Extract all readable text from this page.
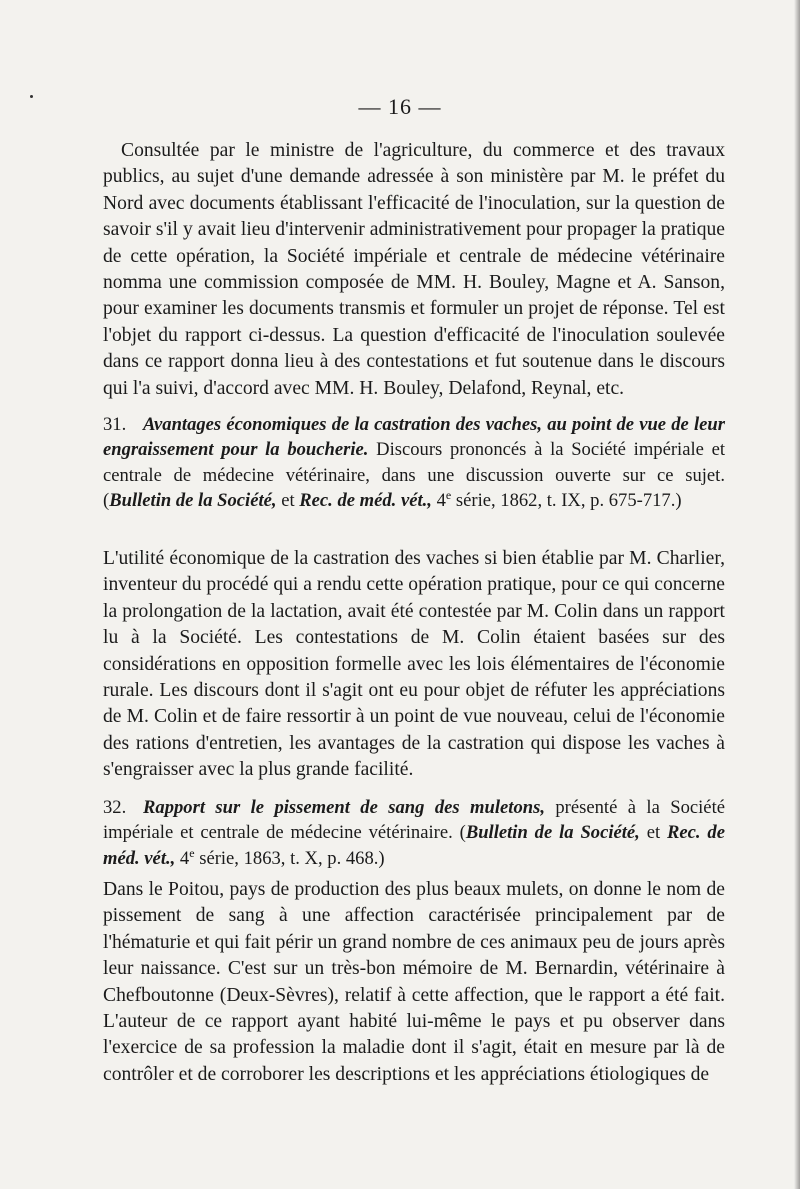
— 16 —
Consultée par le ministre de l'agriculture, du commerce et des travaux publics, au sujet d'une demande adressée à son ministère par M. le préfet du Nord avec documents établissant l'efficacité de l'inoculation, sur la question de savoir s'il y avait lieu d'intervenir administrativement pour propager la pratique de cette opération, la Société impériale et centrale de médecine vétérinaire nomma une commission composée de MM. H. Bouley, Magne et A. Sanson, pour examiner les documents transmis et formuler un projet de réponse. Tel est l'objet du rapport ci-dessus. La question d'efficacité de l'inoculation soulevée dans ce rapport donna lieu à des contestations et fut soutenue dans le discours qui l'a suivi, d'accord avec MM. H. Bouley, Delafond, Reynal, etc.
31. Avantages économiques de la castration des vaches, au point de vue de leur engraissement pour la boucherie. Discours prononcés à la Société impériale et centrale de médecine vétérinaire, dans une discussion ouverte sur ce sujet. (Bulletin de la Société, et Rec. de méd. vét., 4e série, 1862, t. IX, p. 675-717.)
L'utilité économique de la castration des vaches si bien établie par M. Charlier, inventeur du procédé qui a rendu cette opération pratique, pour ce qui concerne la prolongation de la lactation, avait été contestée par M. Colin dans un rapport lu à la Société. Les contestations de M. Colin étaient basées sur des considérations en opposition formelle avec les lois élémentaires de l'économie rurale. Les discours dont il s'agit ont eu pour objet de réfuter les appréciations de M. Colin et de faire ressortir à un point de vue nouveau, celui de l'économie des rations d'entretien, les avantages de la castration qui dispose les vaches à s'engraisser avec la plus grande facilité.
32. Rapport sur le pissement de sang des muletons, présenté à la Société impériale et centrale de médecine vétérinaire. (Bulletin de la Société, et Rec. de méd. vét., 4e série, 1863, t. X, p. 468.)
Dans le Poitou, pays de production des plus beaux mulets, on donne le nom de pissement de sang à une affection caractérisée principalement par de l'hématurie et qui fait périr un grand nombre de ces animaux peu de jours après leur naissance. C'est sur un très-bon mémoire de M. Bernardin, vétérinaire à Chefboutonne (Deux-Sèvres), relatif à cette affection, que le rapport a été fait. L'auteur de ce rapport ayant habité lui-même le pays et pu observer dans l'exercice de sa profession la maladie dont il s'agit, était en mesure par là de contrôler et de corroborer les descriptions et les appréciations étiologiques de
